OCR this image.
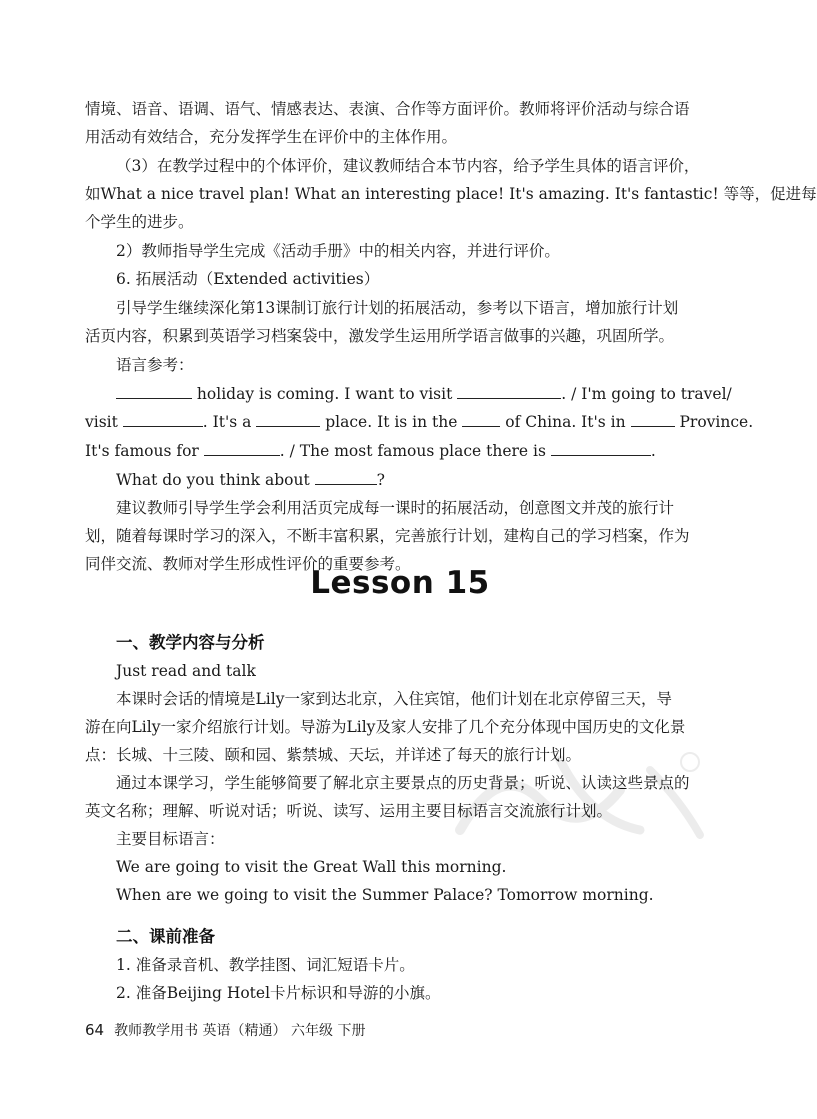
情境、语音、语调、语气、情感表达、表演、合作等方面评价。教师将评价活动与综合语
用活动有效结合，充分发挥学生在评价中的主体作用。
（3）在教学过程中的个体评价，建议教师结合本节内容，给予学生具体的语言评价，
如What a nice travel plan! What an interesting place! It's amazing. It's fantastic! 等等，促进每
个学生的进步。
2）教师指导学生完成《活动手册》中的相关内容，并进行评价。
6. 拓展活动（Extended activities）
引导学生继续深化第13课制订旅行计划的拓展活动，参考以下语言，增加旅行计划
活页内容，积累到英语学习档案袋中，激发学生运用所学语言做事的兴趣，巩固所学。
语言参考：
holiday is coming. I want to visit	. / I'm going to travel/
visit	. It's a	place. It is in the  of China. It's in	Province.
It's famous for	. / The most famous place there is	.
What do you think about	?
建议教师引导学生学会利用活页完成每一课时的拓展活动，创意图文并茂的旅行计
划，随着每课时学习的深入，不断丰富积累，完善旅行计划，建构自己的学习档案，作为
同伴交流、教师对学生形成性评价的重要参考。
Lesson 15
一、教学内容与分析
Just read and talk
本课时会话的情境是Lily一家到达北京，入住宾馆，他们计划在北京停留三天，导
游在向Lily一家介绍旅行计划。导游为Lily及家人安排了几个充分体现中国历史的文化景
点：长城、十三陵、颐和园、紫禁城、天坛，并详述了每天的旅行计划。
通过本课学习，学生能够简要了解北京主要景点的历史背景；听说、认读这些景点的
英文名称；理解、听说对话；听说、读写、运用主要目标语言交流旅行计划。
主要目标语言：
We are going to visit the Great Wall this morning.
When are we going to visit the Summer Palace? Tomorrow morning.
二、课前准备
1. 准备录音机、教学挂图、词汇短语卡片。
2. 准备Beijing Hotel卡片标识和导游的小旗。
64 教师教学用书 英语（精通） 六年级 下册
